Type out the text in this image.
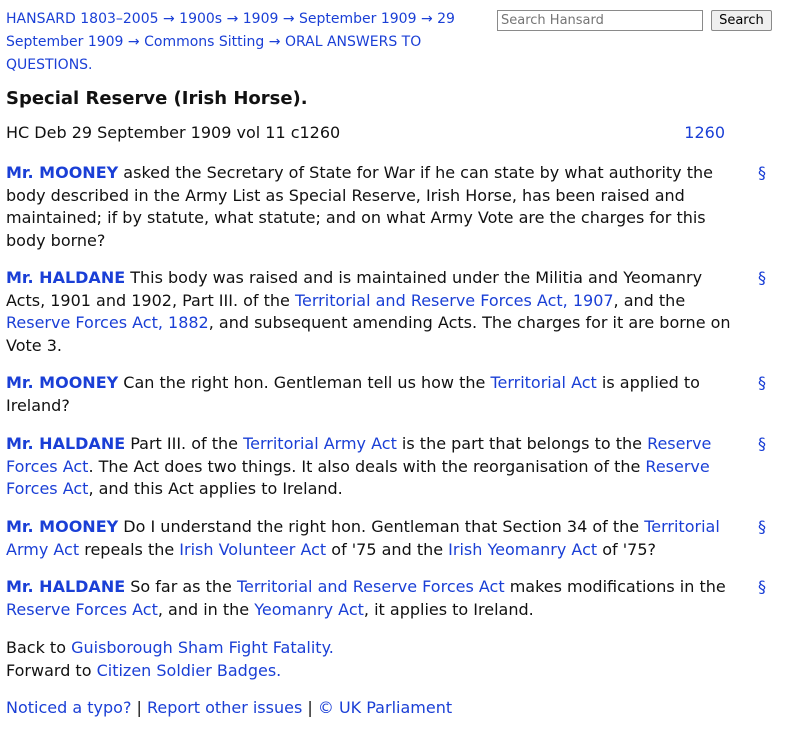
HANSARD 1803–2005 → 1900s → 1909 → September 1909 → 29 September 1909 → Commons Sitting → ORAL ANSWERS TO QUESTIONS.
Search Hansard Search
Special Reserve (Irish Horse).
HC Deb 29 September 1909 vol 11 c1260	1260
Mr. MOONEY asked the Secretary of State for War if he can state by what authority the body described in the Army List as Special Reserve, Irish Horse, has been raised and maintained; if by statute, what statute; and on what Army Vote are the charges for this body borne?
§
Mr. HALDANE This body was raised and is maintained under the Militia and Yeomanry Acts, 1901 and 1902, Part III. of the Territorial and Reserve Forces Act, 1907, and the Reserve Forces Act, 1882, and subsequent amending Acts. The charges for it are borne on Vote 3.
§
Mr. MOONEY Can the right hon. Gentleman tell us how the Territorial Act is applied to Ireland?
§
Mr. HALDANE Part III. of the Territorial Army Act is the part that belongs to the Reserve Forces Act. The Act does two things. It also deals with the reorganisation of the Reserve Forces Act, and this Act applies to Ireland.
§
Mr. MOONEY Do I understand the right hon. Gentleman that Section 34 of the Territorial Army Act repeals the Irish Volunteer Act of '75 and the Irish Yeomanry Act of '75?
§
Mr. HALDANE So far as the Territorial and Reserve Forces Act makes modifications in the Reserve Forces Act, and in the Yeomanry Act, it applies to Ireland.
§
Back to Guisborough Sham Fight Fatality.
Forward to Citizen Soldier Badges.
Noticed a typo? | Report other issues | © UK Parliament
